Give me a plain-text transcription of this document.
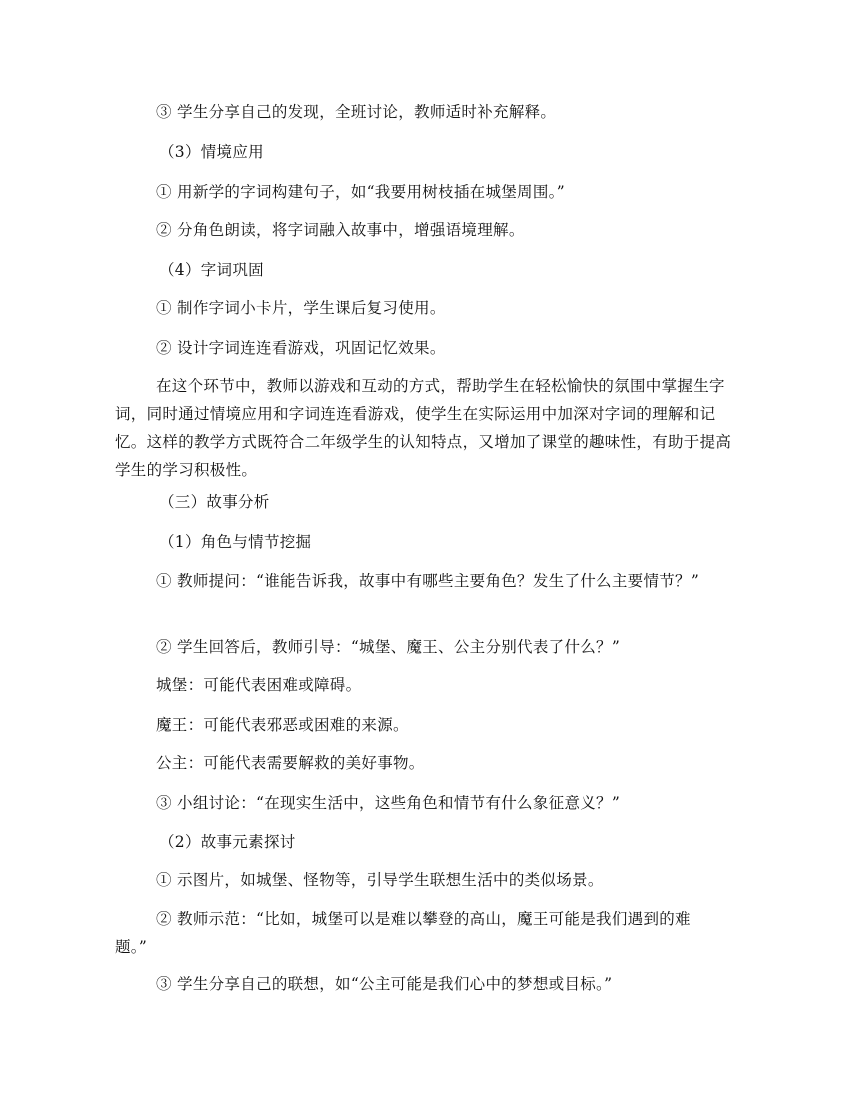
③ 学生分享自己的发现，全班讨论，教师适时补充解释。

（3）情境应用

① 用新学的字词构建句子，如“我要用树枝插在城堡周围。”

② 分角色朗读，将字词融入故事中，增强语境理解。

（4）字词巩固

① 制作字词小卡片，学生课后复习使用。

② 设计字词连连看游戏，巩固记忆效果。

在这个环节中，教师以游戏和互动的方式，帮助学生在轻松愉快的氛围中掌握生字词，同时通过情境应用和字词连连看游戏，使学生在实际运用中加深对字词的理解和记忆。这样的教学方式既符合二年级学生的认知特点，又增加了课堂的趣味性，有助于提高学生的学习积极性。

（三）故事分析

（1）角色与情节挖掘

① 教师提问：“谁能告诉我，故事中有哪些主要角色？发生了什么主要情节？”

② 学生回答后，教师引导：“城堡、魔王、公主分别代表了什么？”

城堡：可能代表困难或障碍。

魔王：可能代表邪恶或困难的来源。

公主：可能代表需要解救的美好事物。

③ 小组讨论：“在现实生活中，这些角色和情节有什么象征意义？”

（2）故事元素探讨

① 示图片，如城堡、怪物等，引导学生联想生活中的类似场景。

② 教师示范：“比如，城堡可以是难以攀登的高山，魔王可能是我们遇到的难题。”

③ 学生分享自己的联想，如“公主可能是我们心中的梦想或目标。”
